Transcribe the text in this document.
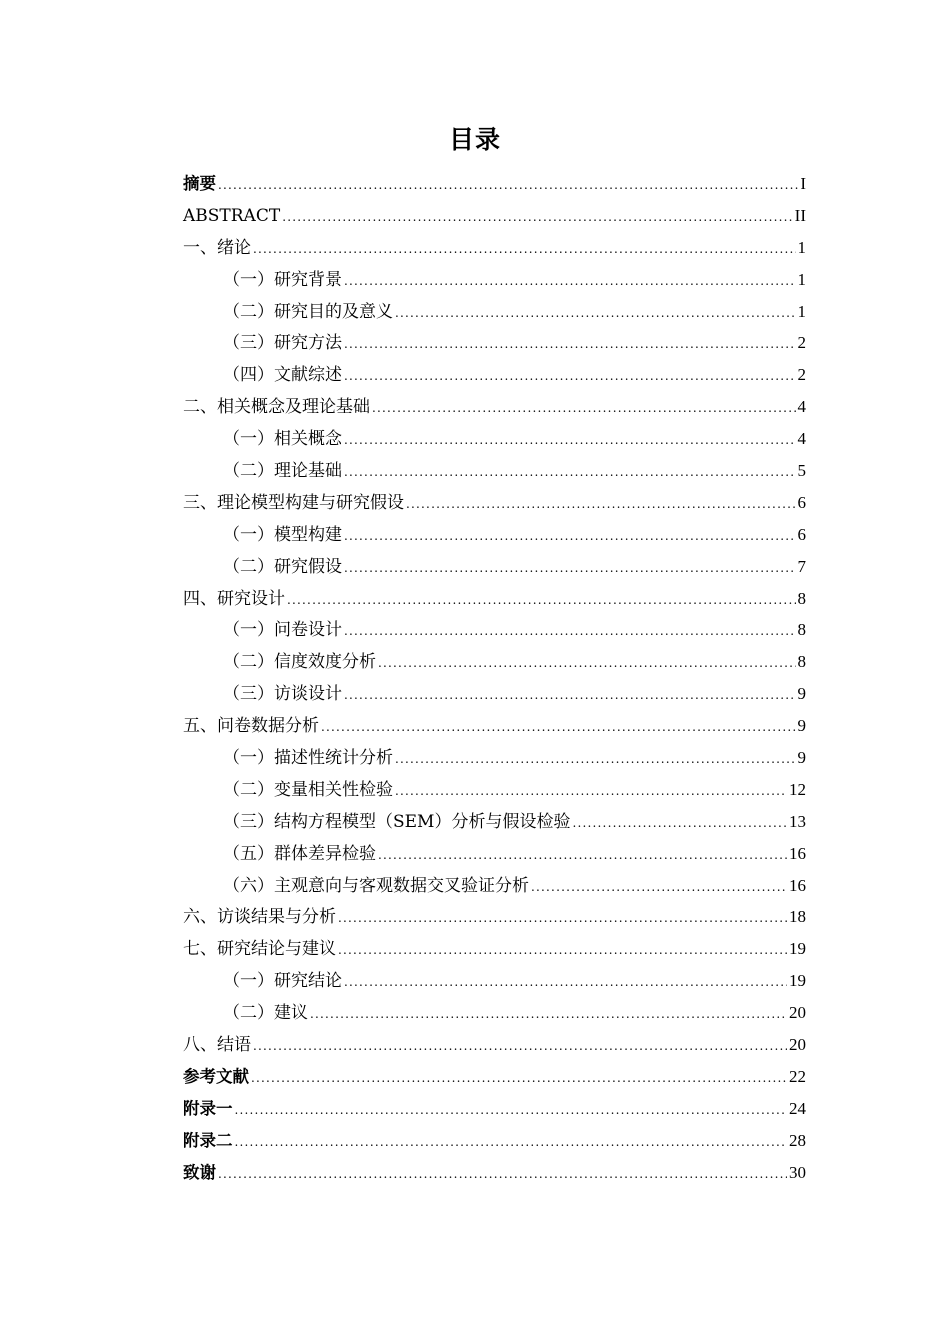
目录
摘要 .....	I
ABSTRACT .....	II
一、绪论 .....	1
（一）研究背景 .....	1
（二）研究目的及意义 .....	1
（三）研究方法 .....	2
（四）文献综述 .....	2
二、相关概念及理论基础 .....	4
（一）相关概念 .....	4
（二）理论基础 .....	5
三、理论模型构建与研究假设 .....	6
（一）模型构建 .....	6
（二）研究假设 .....	7
四、研究设计 .....	8
（一）问卷设计 .....	8
（二）信度效度分析 .....	8
（三）访谈设计 .....	9
五、问卷数据分析 .....	9
（一）描述性统计分析 .....	9
（二）变量相关性检验 .....	12
（三）结构方程模型（SEM）分析与假设检验 .....	13
（五）群体差异检验 .....	16
（六）主观意向与客观数据交叉验证分析 .....	16
六、访谈结果与分析 .....	18
七、研究结论与建议 .....	19
（一）研究结论 .....	19
（二）建议 .....	20
八、结语 .....	20
参考文献 .....	22
附录一 .....	24
附录二 .....	28
致谢 .....	30
